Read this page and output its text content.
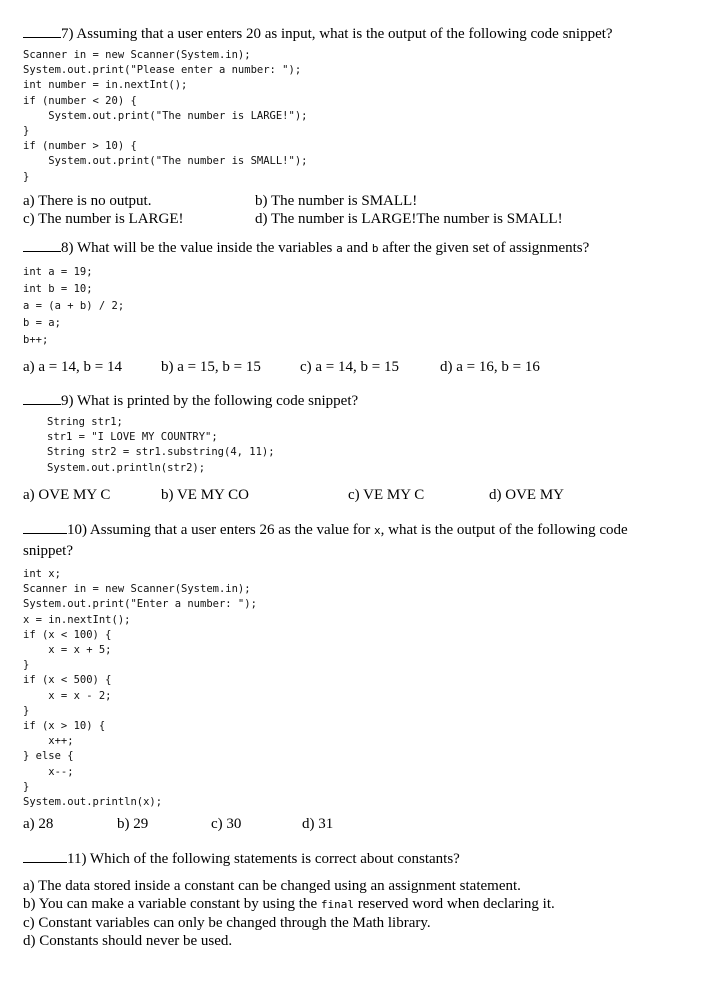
7) Assuming that a user enters 20 as input, what is the output of the following code snippet?
Scanner in = new Scanner(System.in);
System.out.print("Please enter a number: ");
int number = in.nextInt();
if (number < 20) {
System.out.print("The number is LARGE!");
}
if (number > 10) {
System.out.print("The number is SMALL!");
}
a) There is no output.	b) The number is SMALL!
c) The number is LARGE!	d) The number is LARGE!The number is SMALL!
8) What will be the value inside the variables a and b after the given set of assignments?
int a = 19;
int b = 10;
a = (a + b) / 2;
b = a;
b++;
a) a = 14, b = 14	b) a = 15, b = 15	c) a = 14, b = 15	d) a = 16, b = 16
9) What is printed by the following code snippet?
String str1;
str1 = "I LOVE MY COUNTRY";
String str2 = str1.substring(4, 11);
System.out.println(str2);
a) OVE MY C	b) VE MY CO	c) VE MY C	d) OVE MY
10) Assuming that a user enters 26 as the value for x, what is the output of the following code
snippet?
int x;
Scanner in = new Scanner(System.in);
System.out.print("Enter a number: ");
x = in.nextInt();
if (x < 100) {
x = x + 5;
}
if (x < 500) {
x = x - 2;
}
if (x > 10) {
x++;
} else {
x--;
}
System.out.println(x);
a) 28	b) 29	c) 30	d) 31
11) Which of the following statements is correct about constants?
a) The data stored inside a constant can be changed using an assignment statement.
b) You can make a variable constant by using the final reserved word when declaring it.
c) Constant variables can only be changed through the Math library.
d) Constants should never be used.
